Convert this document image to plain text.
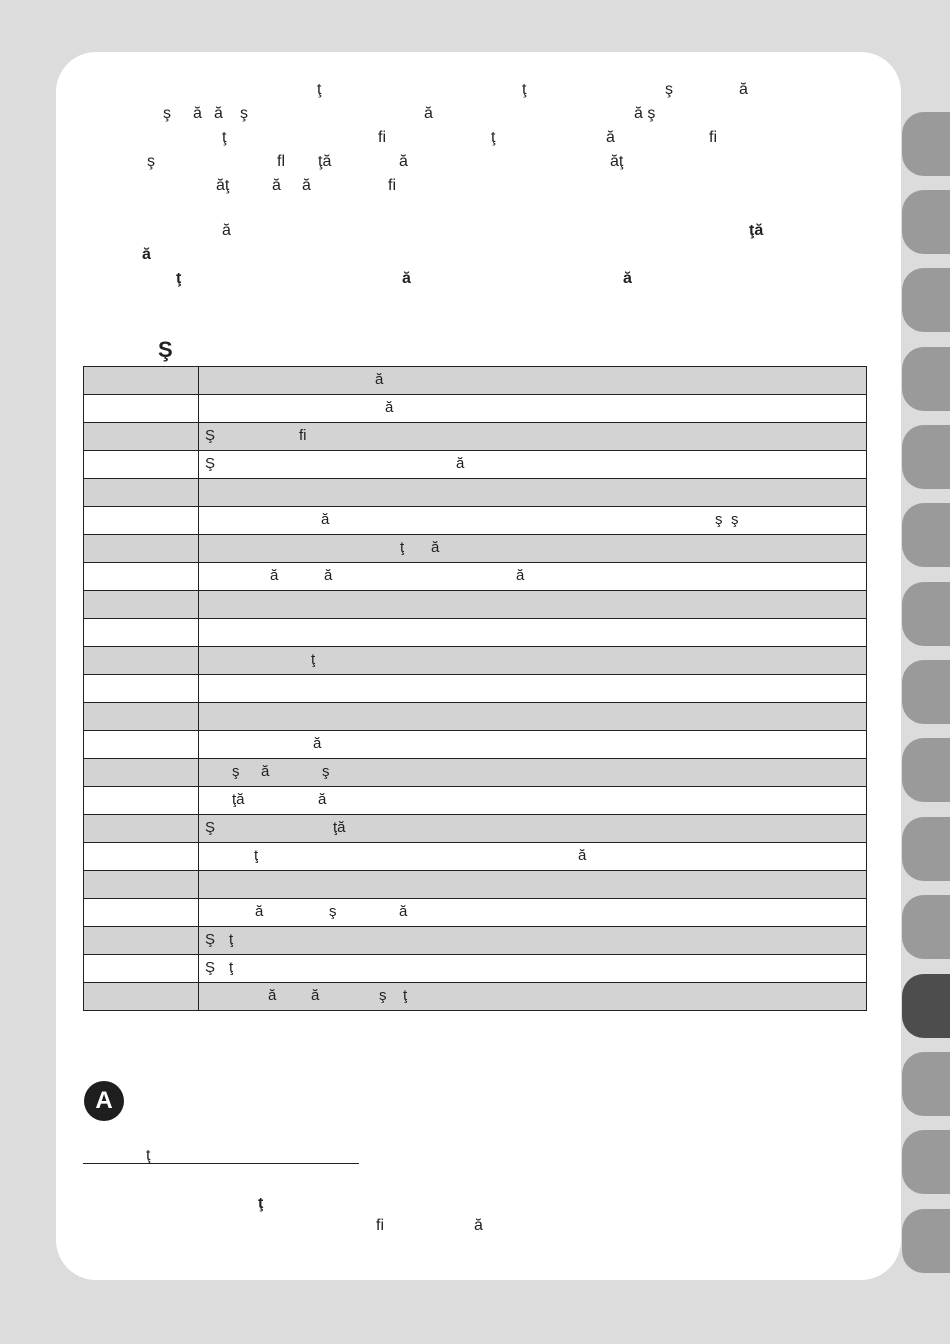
ţ	ţ	ş	ă
ş ă ă ş	ă	ă ş
ţ	fi	ţ	ă	fi
ş	fl ţă	ă	ăţ
ăţ	ă ă	fi
ă	ţă
ă
ţ	ă	ă
Ş

	ă

	ă

	Ş fi

	Ş ă

	ă ş ş

	ţ ă

	ă ă ă

	ţ

	ă

	ş ă ş

	ţă ă

	Ş ţă

	ţ ă

	ă ş ă

	Ş ţ

	Ş ţ

	ă ă ş ţ
A
ţ
ţ
fi	ă
